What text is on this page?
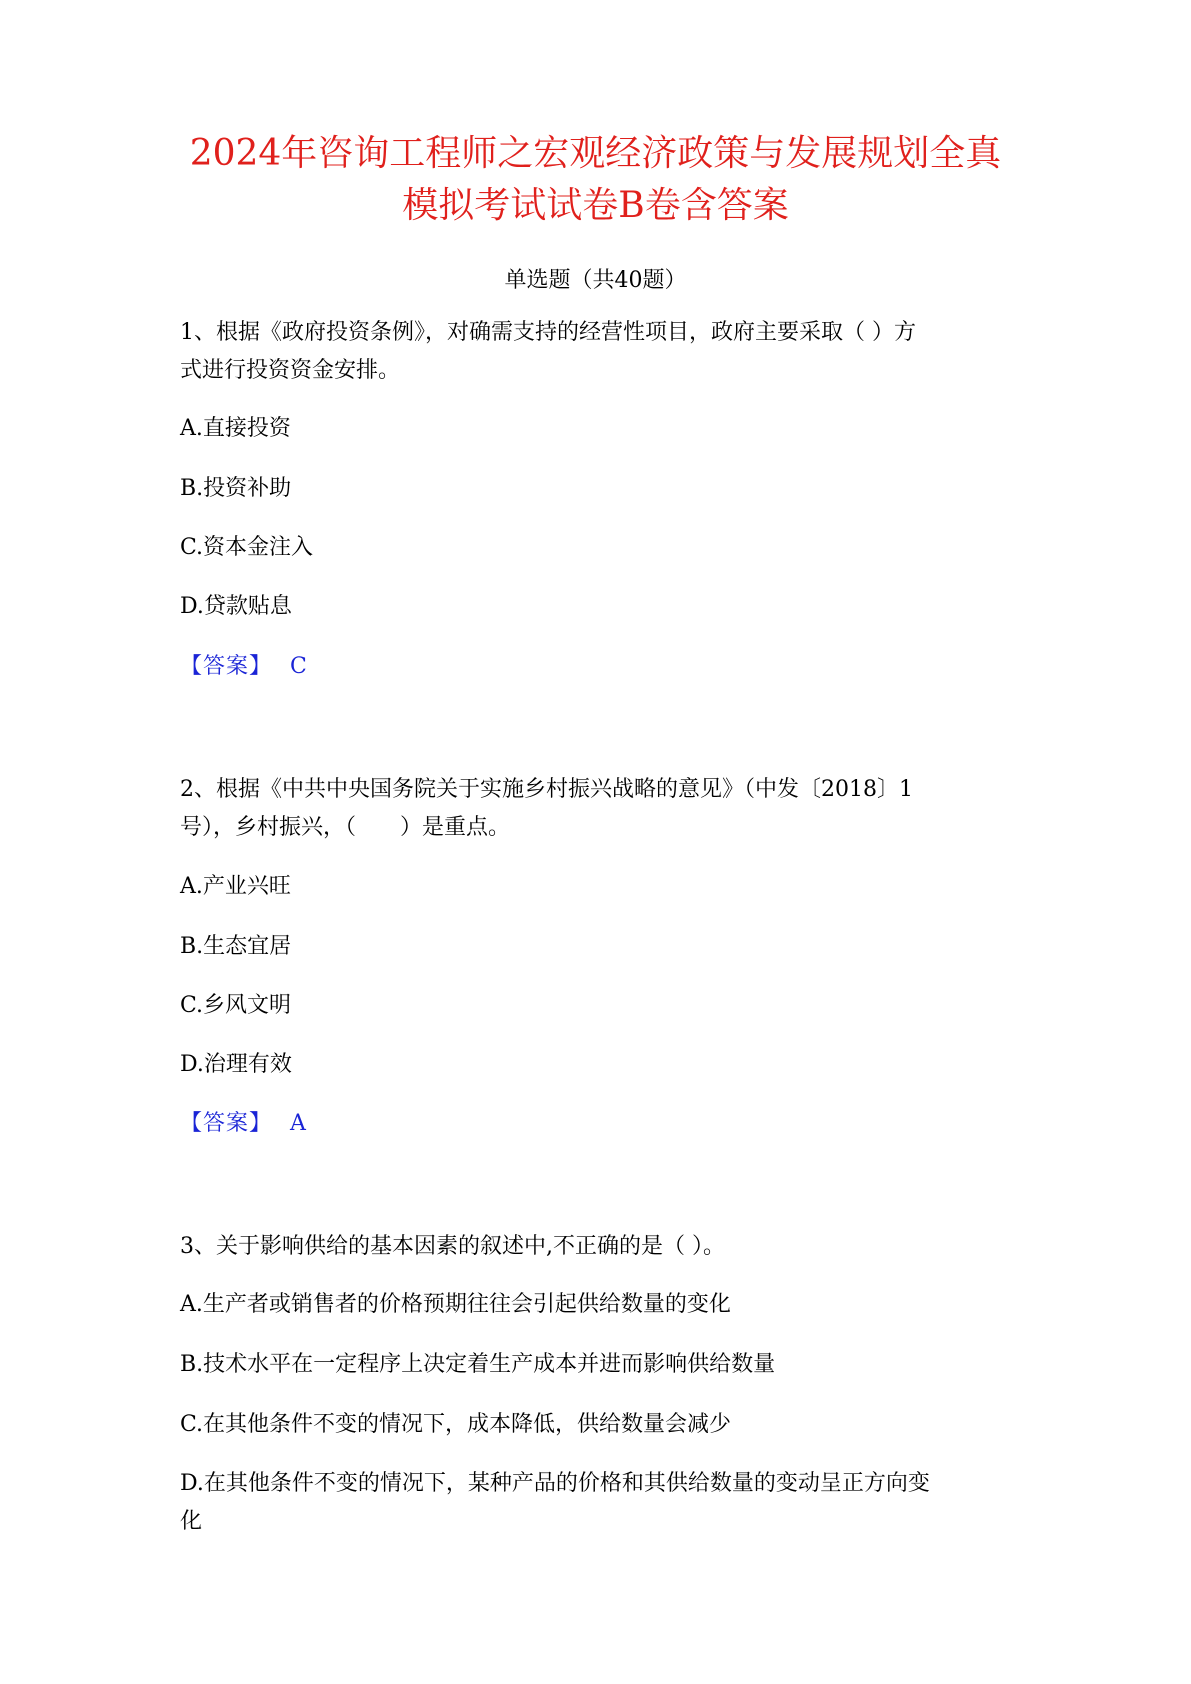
2024年咨询工程师之宏观经济政策与发展规划全真
模拟考试试卷B卷含答案
单选题（共40题）
1、根据《政府投资条例》，对确需支持的经营性项目，政府主要采取（ ）方
式进行投资资金安排。
A.直接投资
B.投资补助
C.资本金注入
D.贷款贴息
【答案】 C
2、根据《中共中央国务院关于实施乡村振兴战略的意见》（中发〔2018〕1
号），乡村振兴，（　　）是重点。
A.产业兴旺
B.生态宜居
C.乡风文明
D.治理有效
【答案】 A
3、关于影响供给的基本因素的叙述中,不正确的是（ ）。
A.生产者或销售者的价格预期往往会引起供给数量的变化
B.技术水平在一定程序上决定着生产成本并进而影响供给数量
C.在其他条件不变的情况下，成本降低，供给数量会减少
D.在其他条件不变的情况下，某种产品的价格和其供给数量的变动呈正方向变
化
